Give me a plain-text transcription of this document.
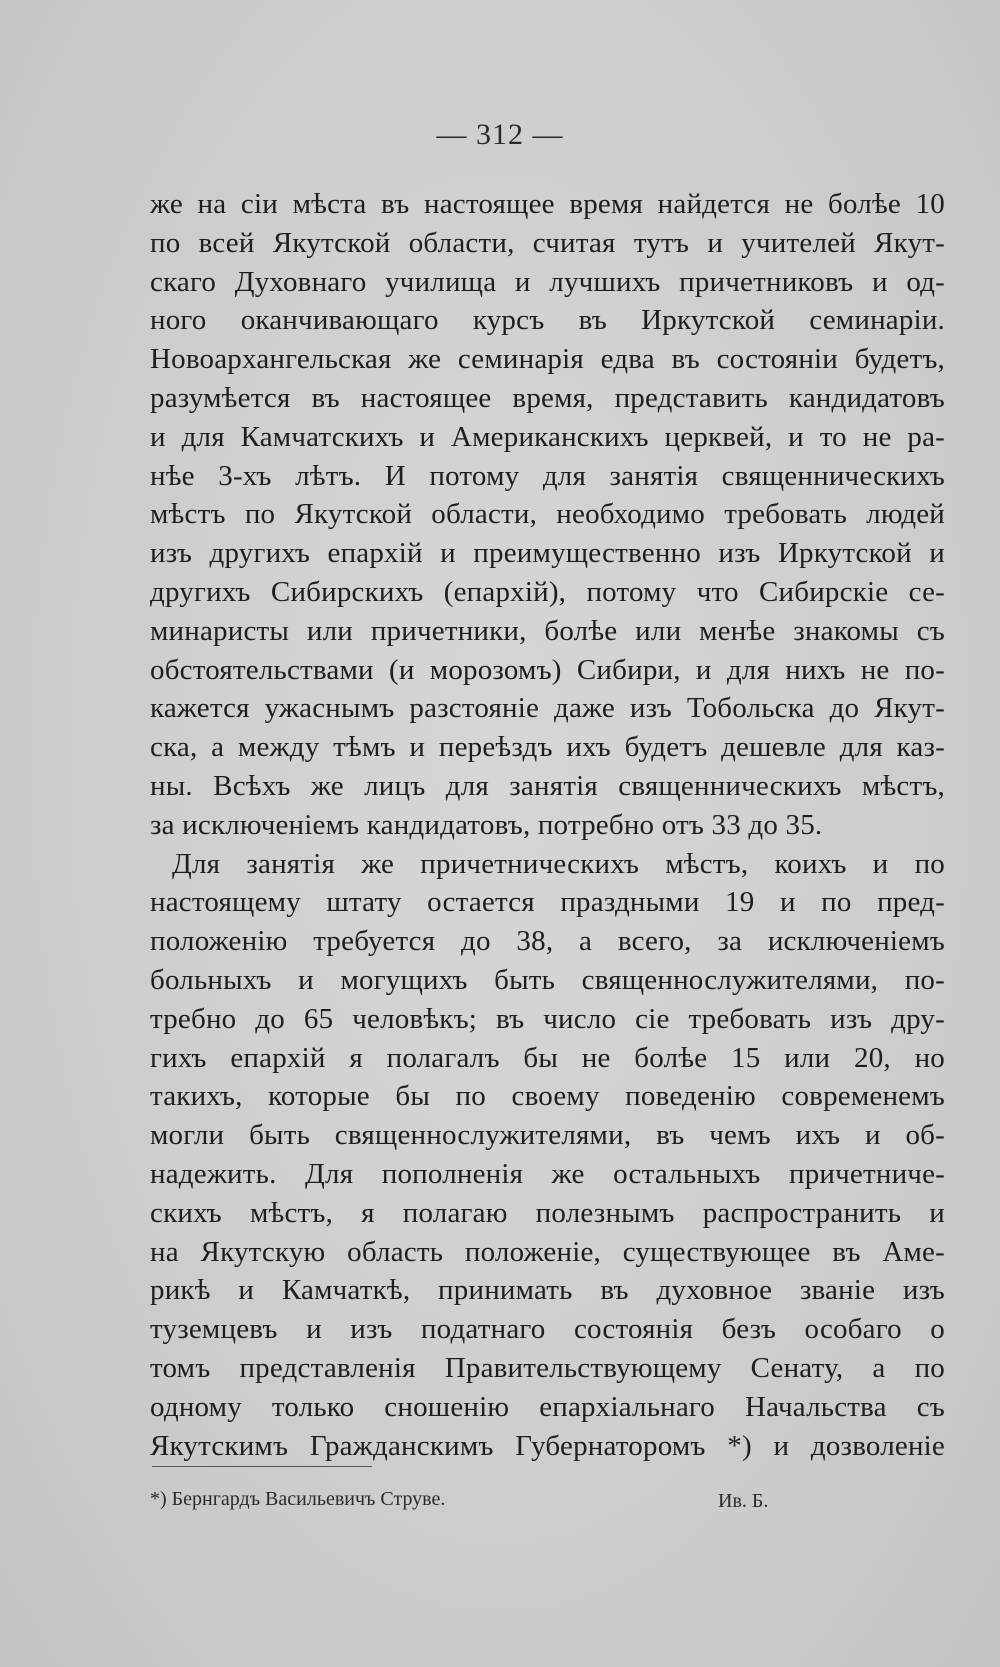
— 312 —
же на сіи мѣста въ настоящее время найдется не болѣе 10
по всей Якутской области, считая тутъ и учителей Якут-
скаго Духовнаго училища и лучшихъ причетниковъ и од-
ного оканчивающаго курсъ въ Иркутской семинаріи.
Новоархангельская же семинарія едва въ состояніи будетъ,
разумѣется въ настоящее время, представить кандидатовъ
и для Камчатскихъ и Американскихъ церквей, и то не ра-
нѣе 3-хъ лѣтъ. И потому для занятія священническихъ
мѣстъ по Якутской области, необходимо требовать людей
изъ другихъ епархій и преимущественно изъ Иркутской и
другихъ Сибирскихъ (епархій), потому что Сибирскіе се-
минаристы или причетники, болѣе или менѣе знакомы съ
обстоятельствами (и морозомъ) Сибири, и для нихъ не по-
кажется ужаснымъ разстояніе даже изъ Тобольска до Якут-
ска, а между тѣмъ и переѣздъ ихъ будетъ дешевле для каз-
ны. Всѣхъ же лицъ для занятія священническихъ мѣстъ,
за исключеніемъ кандидатовъ, потребно отъ 33 до 35.
Для занятія же причетническихъ мѣстъ, коихъ и по
настоящему штату остается праздными 19 и по пред-
положенію требуется до 38, а всего, за исключеніемъ
больныхъ и могущихъ быть священнослужителями, по-
требно до 65 человѣкъ; въ число сіе требовать изъ дру-
гихъ епархій я полагалъ бы не болѣе 15 или 20, но
такихъ, которые бы по своему поведенію современемъ
могли быть священнослужителями, въ чемъ ихъ и об-
надежить. Для пополненія же остальныхъ причетниче-
скихъ мѣстъ, я полагаю полезнымъ распространить и
на Якутскую область положеніе, существующее въ Аме-
рикѣ и Камчаткѣ, принимать въ духовное званіе изъ
туземцевъ и изъ податнаго состоянія безъ особаго о
томъ представленія Правительствующему Сенату, а по
одному только сношенію епархіальнаго Начальства съ
Якутскимъ Гражданскимъ Губернаторомъ *) и дозволеніе
*) Бернгардъ Васильевичъ Струве.	Ив. Б.
